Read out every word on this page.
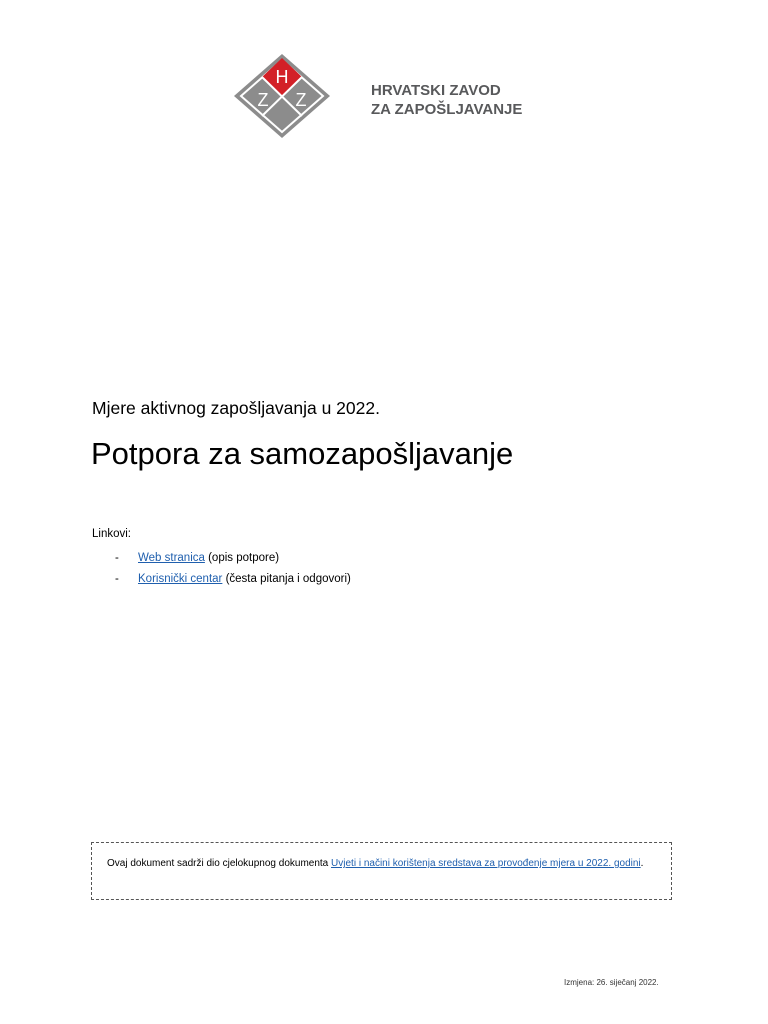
H
Z Z	HRVATSKI ZAVOD
ZA ZAPOŠLJAVANJE
Mjere aktivnog zapošljavanja u 2022.
Potpora za samozapošljavanje

Linkovi:

- Web stranica (opis potpore)
- Korisnički centar (česta pitanja i odgovori)
Ovaj dokument sadrži dio cjelokupnog dokumenta Uvjeti i načini korištenja sredstava za provođenje mjera u 2022. godini.
Izmjena: 26. siječanj 2022.
